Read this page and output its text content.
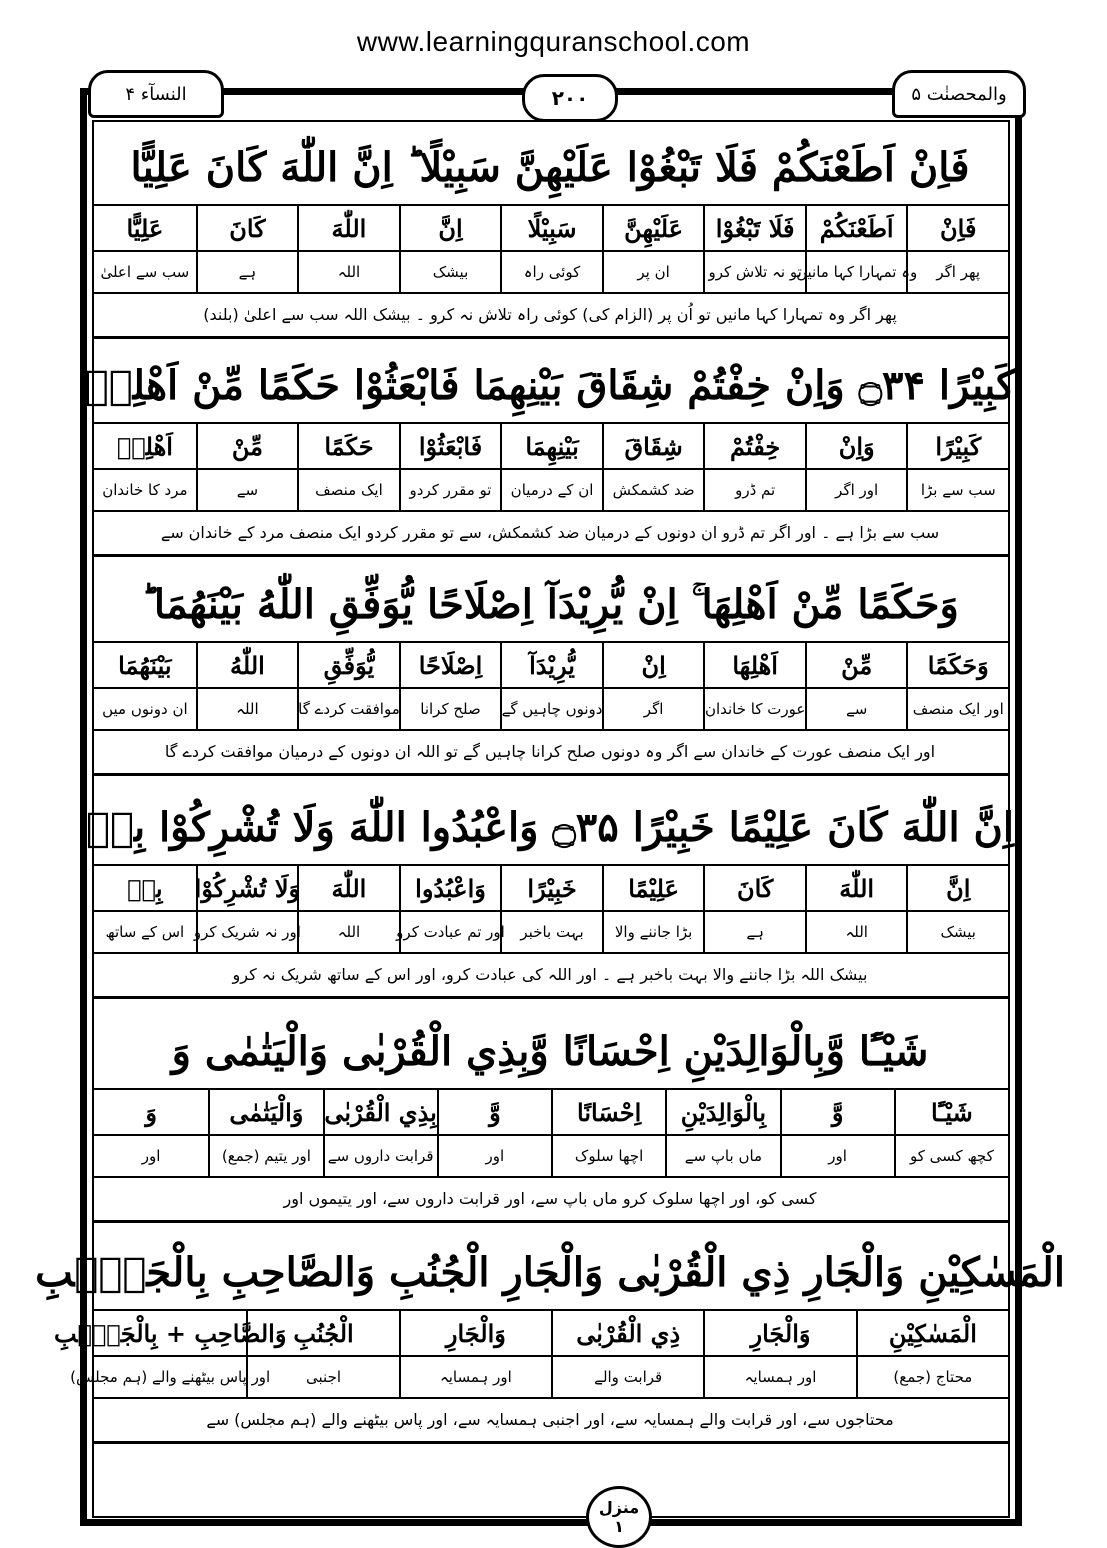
www.learningquranschool.com
النسآء ۴	۲۰۰	والمحصنٰت ۵
فَاِنْ اَطَعْنَكُمْ فَلَا تَبْغُوْا عَلَيْهِنَّ سَبِيْلًا ؕ اِنَّ اللّٰهَ كَانَ عَلِيًّا
فَاِنْ
اَطَعْنَكُمْ
فَلَا تَبْغُوْا
عَلَيْهِنَّ
سَبِيْلًا
اِنَّ
اللّٰهَ
كَانَ
عَلِيًّا
پھر اگر
وہ تمہارا کہا مانیں
تو نہ تلاش کرو
ان پر
کوئی راہ
بیشک
اللہ
ہے
سب سے اعلیٰ
پھر اگر وہ تمہارا کہا مانیں تو اُن پر (الزام کی) کوئی راہ تلاش نہ کرو ۔ بیشک اللہ سب سے اعلیٰ (بلند)
كَبِيْرًا ۝۳۴ وَاِنْ خِفْتُمْ شِقَاقَ بَيْنِهِمَا فَابْعَثُوْا حَكَمًا مِّنْ اَهْلِهٖ
كَبِيْرًا
وَاِنْ
خِفْتُمْ
شِقَاقَ
بَيْنِهِمَا
فَابْعَثُوْا
حَكَمًا
مِّنْ
اَهْلِهٖ
سب سے بڑا
اور اگر
تم ڈرو
ضد کشمکش
ان کے درمیان
تو مقرر کردو
ایک منصف
سے
مرد کا خاندان
سب سے بڑا ہے ۔ اور اگر تم ڈرو ان دونوں کے درمیان ضد کشمکش، سے تو مقرر کردو ایک منصف مرد کے خاندان سے
وَحَكَمًا مِّنْ اَهْلِهَا ۚ اِنْ يُّرِيْدَآ اِصْلَاحًا يُّوَفِّقِ اللّٰهُ بَيْنَهُمَا ؕ
وَحَكَمًا
مِّنْ
اَهْلِهَا
اِنْ
يُّرِيْدَآ
اِصْلَاحًا
يُّوَفِّقِ
اللّٰهُ
بَيْنَهُمَا
اور ایک منصف
سے
عورت کا خاندان
اگر
دونوں چاہیں گے
صلح کرانا
موافقت کردے گا
اللہ
ان دونوں میں
اور ایک منصف عورت کے خاندان سے اگر وہ دونوں صلح کرانا چاہیں گے تو اللہ ان دونوں کے درمیان موافقت کردے گا
اِنَّ اللّٰهَ كَانَ عَلِيْمًا خَبِيْرًا ۝۳۵ وَاعْبُدُوا اللّٰهَ وَلَا تُشْرِكُوْا بِهٖ
اِنَّ
اللّٰهَ
كَانَ
عَلِيْمًا
خَبِيْرًا
وَاعْبُدُوا
اللّٰهَ
وَلَا تُشْرِكُوْا
بِهٖ
بیشک
اللہ
ہے
بڑا جاننے والا
بہت باخبر
اور تم عبادت کرو
اللہ
اور نہ شریک کرو
اس کے ساتھ
بیشک اللہ بڑا جاننے والا بہت باخبر ہے ۔ اور اللہ کی عبادت کرو، اور اس کے ساتھ شریک نہ کرو
شَيْـًٔا وَّبِالْوَالِدَيْنِ اِحْسَانًا وَّبِذِي الْقُرْبٰى وَالْيَتٰمٰى وَ
شَيْـًٔا
وَّ
بِالْوَالِدَيْنِ
اِحْسَانًا
وَّ
بِذِي الْقُرْبٰى
وَالْيَتٰمٰى
وَ
کچھ کسی کو
اور
ماں باپ سے
اچھا سلوک
اور
قرابت داروں سے
اور یتیم (جمع)
اور
کسی کو، اور اچھا سلوک کرو ماں باپ سے، اور قرابت داروں سے، اور یتیموں اور
الْمَسٰكِيْنِ وَالْجَارِ ذِي الْقُرْبٰى وَالْجَارِ الْجُنُبِ وَالصَّاحِبِ بِالْجَنْۢبِ
الْمَسٰكِيْنِ
وَالْجَارِ
ذِي الْقُرْبٰى
وَالْجَارِ
الْجُنُبِ
وَالصَّاحِبِ + بِالْجَنْۢبِ
محتاج (جمع)
اور ہمسایہ
قرابت والے
اور ہمسایہ
اجنبی
اور پاس بیٹھنے والے (ہم مجلس)
محتاجوں سے، اور قرابت والے ہمسایہ سے، اور اجنبی ہمسایہ سے، اور پاس بیٹھنے والے (ہم مجلس) سے
منزل
۱
